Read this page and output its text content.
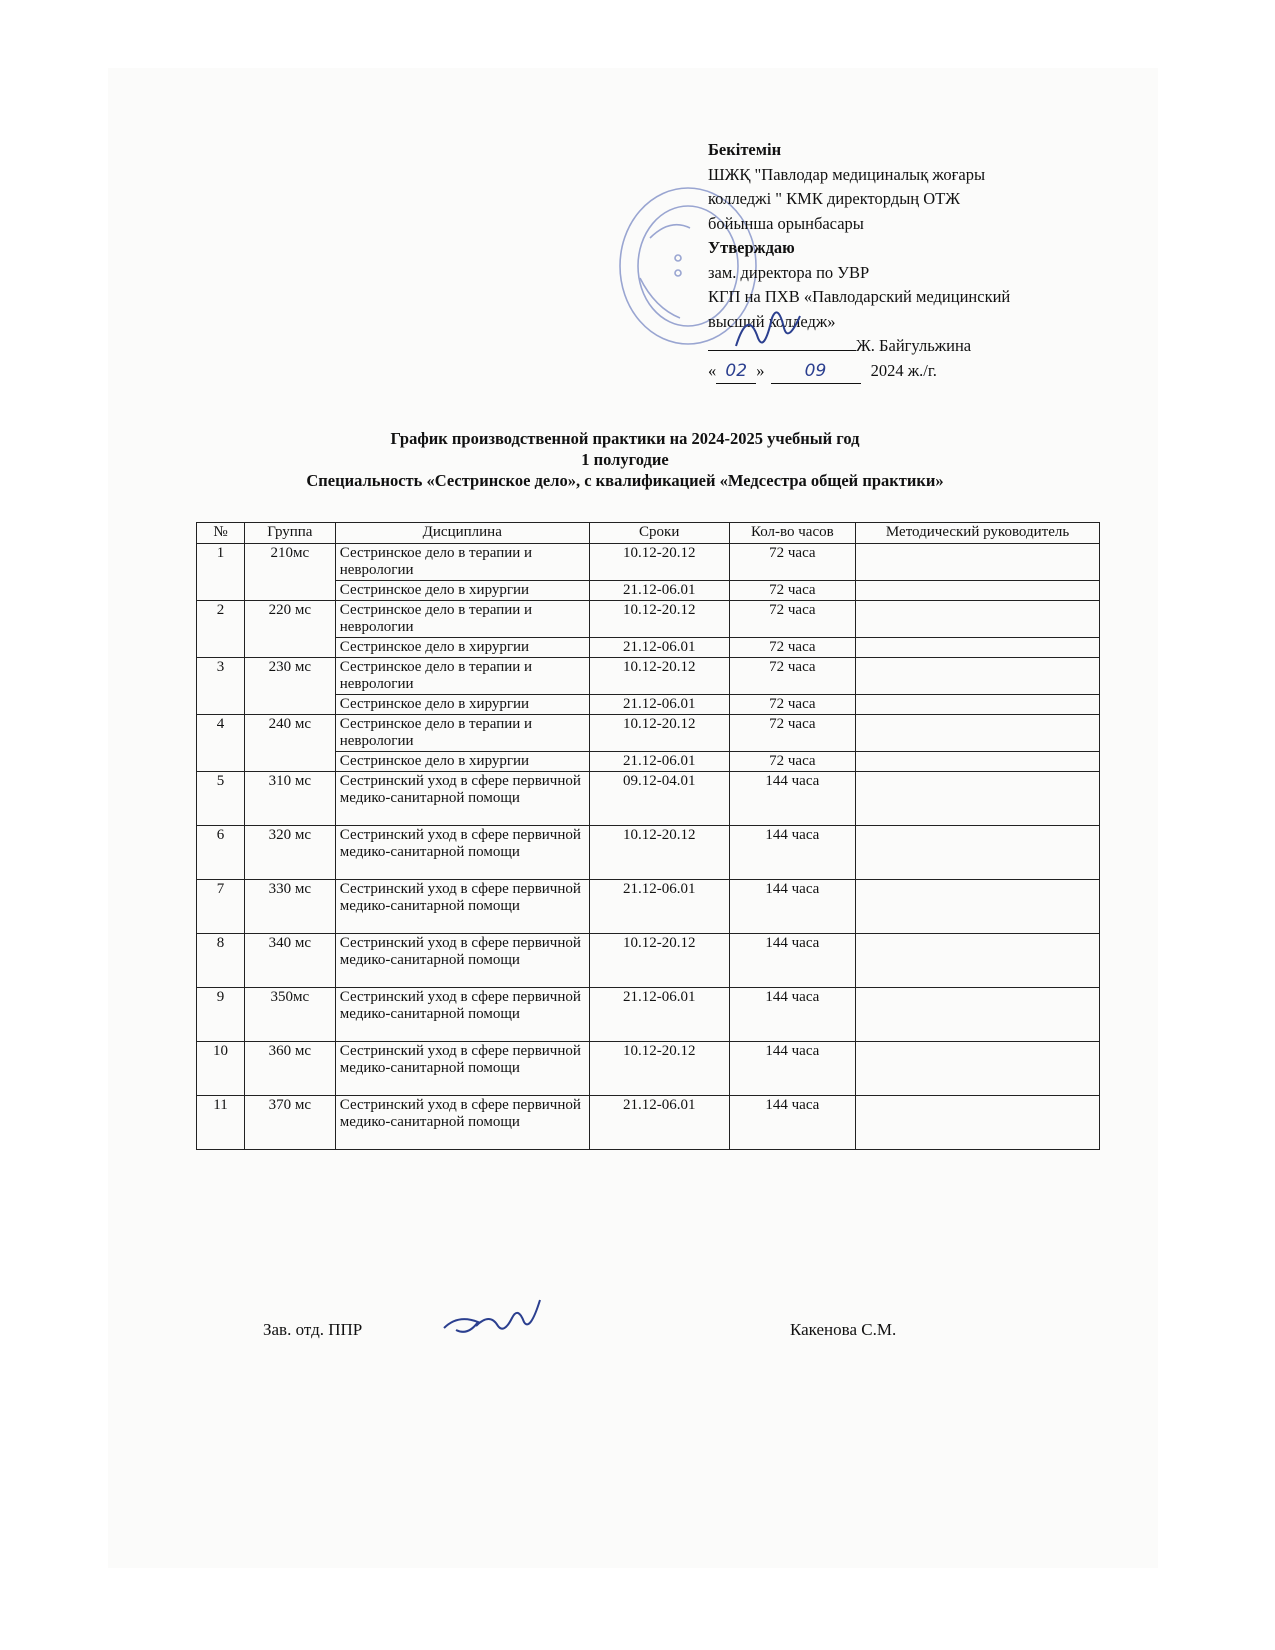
Бекітемін
ШЖҚ "Павлодар медициналық жоғары
колледжі " КМК директордың ОТЖ
бойынша орынбасары
Утверждаю
зам. директора по УВР
КГП на ПХВ «Павлодарский медицинский
высший колледж»
Ж. Байгульжина
« 02 » 09	2024 ж./г.
График производственной практики на 2024-2025 учебный год
1 полугодие
Специальность «Сестринское дело», с квалификацией «Медсестра общей практики»
№	Группа	Дисциплина	Сроки	Кол-во часов	Методический руководитель
1	210мс	Сестринское дело в терапии и неврологии	10.12-20.12	72 часа	
		Сестринское дело в хирургии	21.12-06.01	72 часа	
2	220 мс	Сестринское дело в терапии и неврологии	10.12-20.12	72 часа	
		Сестринское дело в хирургии	21.12-06.01	72 часа	
3	230 мс	Сестринское дело в терапии и неврологии	10.12-20.12	72 часа	
		Сестринское дело в хирургии	21.12-06.01	72 часа	
4	240 мс	Сестринское дело в терапии и неврологии	10.12-20.12	72 часа	
		Сестринское дело в хирургии	21.12-06.01	72 часа	
5	310 мс	Сестринский уход в сфере первичной медико-санитарной помощи	09.12-04.01	144 часа	
6	320 мс	Сестринский уход в сфере первичной медико-санитарной помощи	10.12-20.12	144 часа	
7	330 мс	Сестринский уход в сфере первичной медико-санитарной помощи	21.12-06.01	144 часа	
8	340 мс	Сестринский уход в сфере первичной медико-санитарной помощи	10.12-20.12	144 часа	
9	350мс	Сестринский уход в сфере первичной медико-санитарной помощи	21.12-06.01	144 часа	
10	360 мс	Сестринский уход в сфере первичной медико-санитарной помощи	10.12-20.12	144 часа	
11	370 мс	Сестринский уход в сфере первичной медико-санитарной помощи	21.12-06.01	144 часа	
Зав. отд. ППР	Какенова С.М.
